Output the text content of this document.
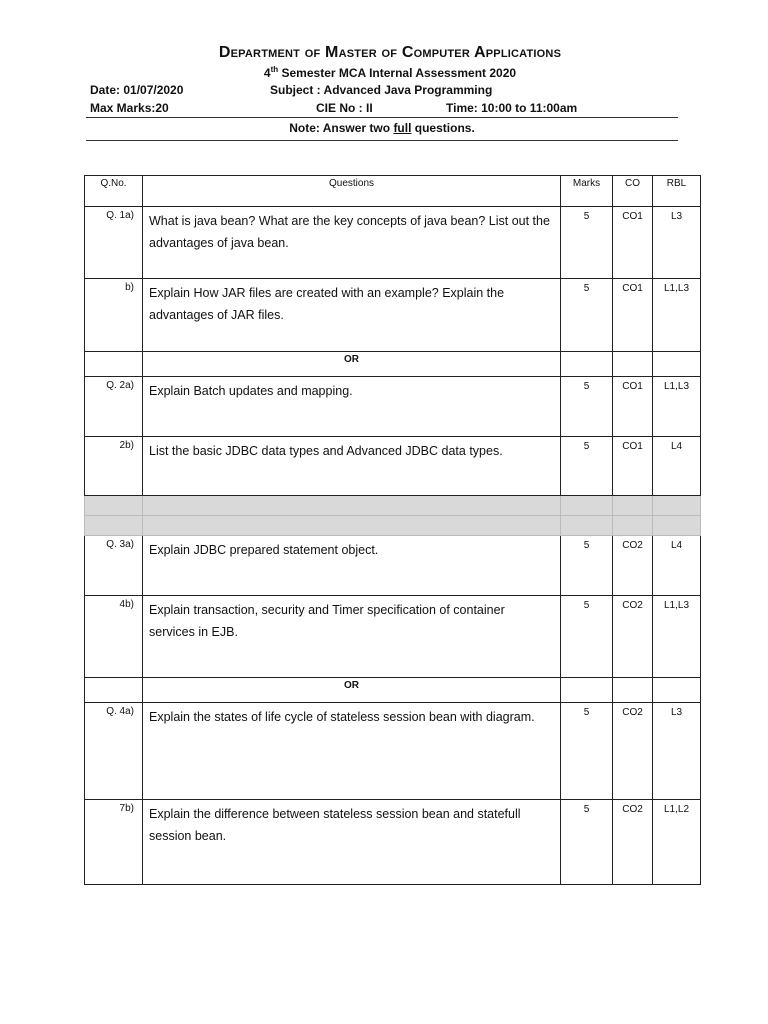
Department of Master of Computer Applications
4th Semester MCA Internal Assessment 2020
Date: 01/07/2020	Subject : Advanced Java Programming
Max Marks:20	CIE No : II	Time: 10:00 to 11:00am
Note: Answer two full questions.
Q.No.	Questions	Marks	CO	RBL
Q. 1a)	What is java bean? What are the key concepts of java bean? List out the advantages of java bean.	5	CO1	L3
b)	Explain How JAR files are created with an example? Explain the advantages of JAR files.	5	CO1	L1,L3
	OR			
Q. 2a)	Explain Batch updates and mapping.	5	CO1	L1,L3
2b)	List the basic JDBC data types and Advanced JDBC data types.	5	CO1	L4

Q. 3a)	Explain JDBC prepared statement object.	5	CO2	L4
4b)	Explain transaction, security and Timer specification of container services in EJB.	5	CO2	L1,L3
	OR			
Q. 4a)	Explain the states of life cycle of stateless session bean with diagram.	5	CO2	L3
7b)	Explain the difference between stateless session bean and statefull session bean.	5	CO2	L1,L2
